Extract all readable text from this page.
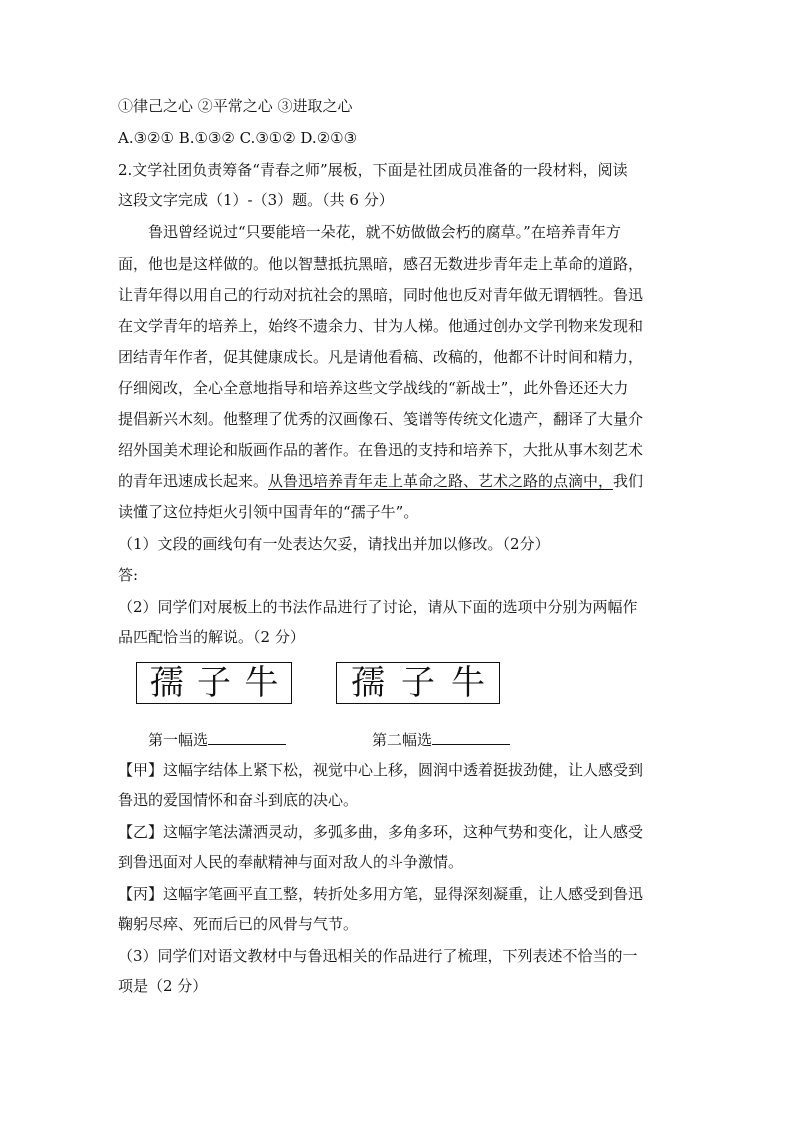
①律己之心 ②平常之心 ③进取之心
A.③②① B.①③② C.③①② D.②①③
2.文学社团负责筹备“青春之师”展板，下面是社团成员准备的一段材料，阅读
这段文字完成（1）-（3）题。（共 6 分）
鲁迅曾经说过“只要能培一朵花，就不妨做做会朽的腐草。”在培养青年方
面，他也是这样做的。他以智慧抵抗黑暗，感召无数进步青年走上革命的道路，
让青年得以用自己的行动对抗社会的黑暗，同时他也反对青年做无谓牺牲。鲁迅
在文学青年的培养上，始终不遗余力、甘为人梯。他通过创办文学刊物来发现和
团结青年作者，促其健康成长。凡是请他看稿、改稿的，他都不计时间和精力，
仔细阅改，全心全意地指导和培养这些文学战线的“新战士”，此外鲁还还大力
提倡新兴木刻。他整理了优秀的汉画像石、笺谱等传统文化遗产，翻译了大量介
绍外国美术理论和版画作品的著作。在鲁迅的支持和培养下，大批从事木刻艺术
的青年迅速成长起来。从鲁迅培养青年走上革命之路、艺术之路的点滴中，我们
读懂了这位持炬火引领中国青年的“孺子牛”。
（1）文段的画线句有一处表达欠妥，请找出并加以修改。（2分）
答:
（2）同学们对展板上的书法作品进行了讨论，请从下面的选项中分别为两幅作
品匹配恰当的解说。（2 分）
孺 子 牛 孺 子 牛
第一幅选	第二幅选
【甲】这幅字结体上紧下松，视觉中心上移，圆润中透着挺拔劲健，让人感受到
鲁迅的爱国情怀和奋斗到底的决心。
【乙】这幅字笔法潇洒灵动，多弧多曲，多角多环，这种气势和变化，让人感受
到鲁迅面对人民的奉献精神与面对敌人的斗争激情。
【丙】这幅字笔画平直工整，转折处多用方笔，显得深刻凝重，让人感受到鲁迅
鞠躬尽瘁、死而后已的风骨与气节。
（3）同学们对语文教材中与鲁迅相关的作品进行了梳理，下列表述不恰当的一
项是（2 分）
